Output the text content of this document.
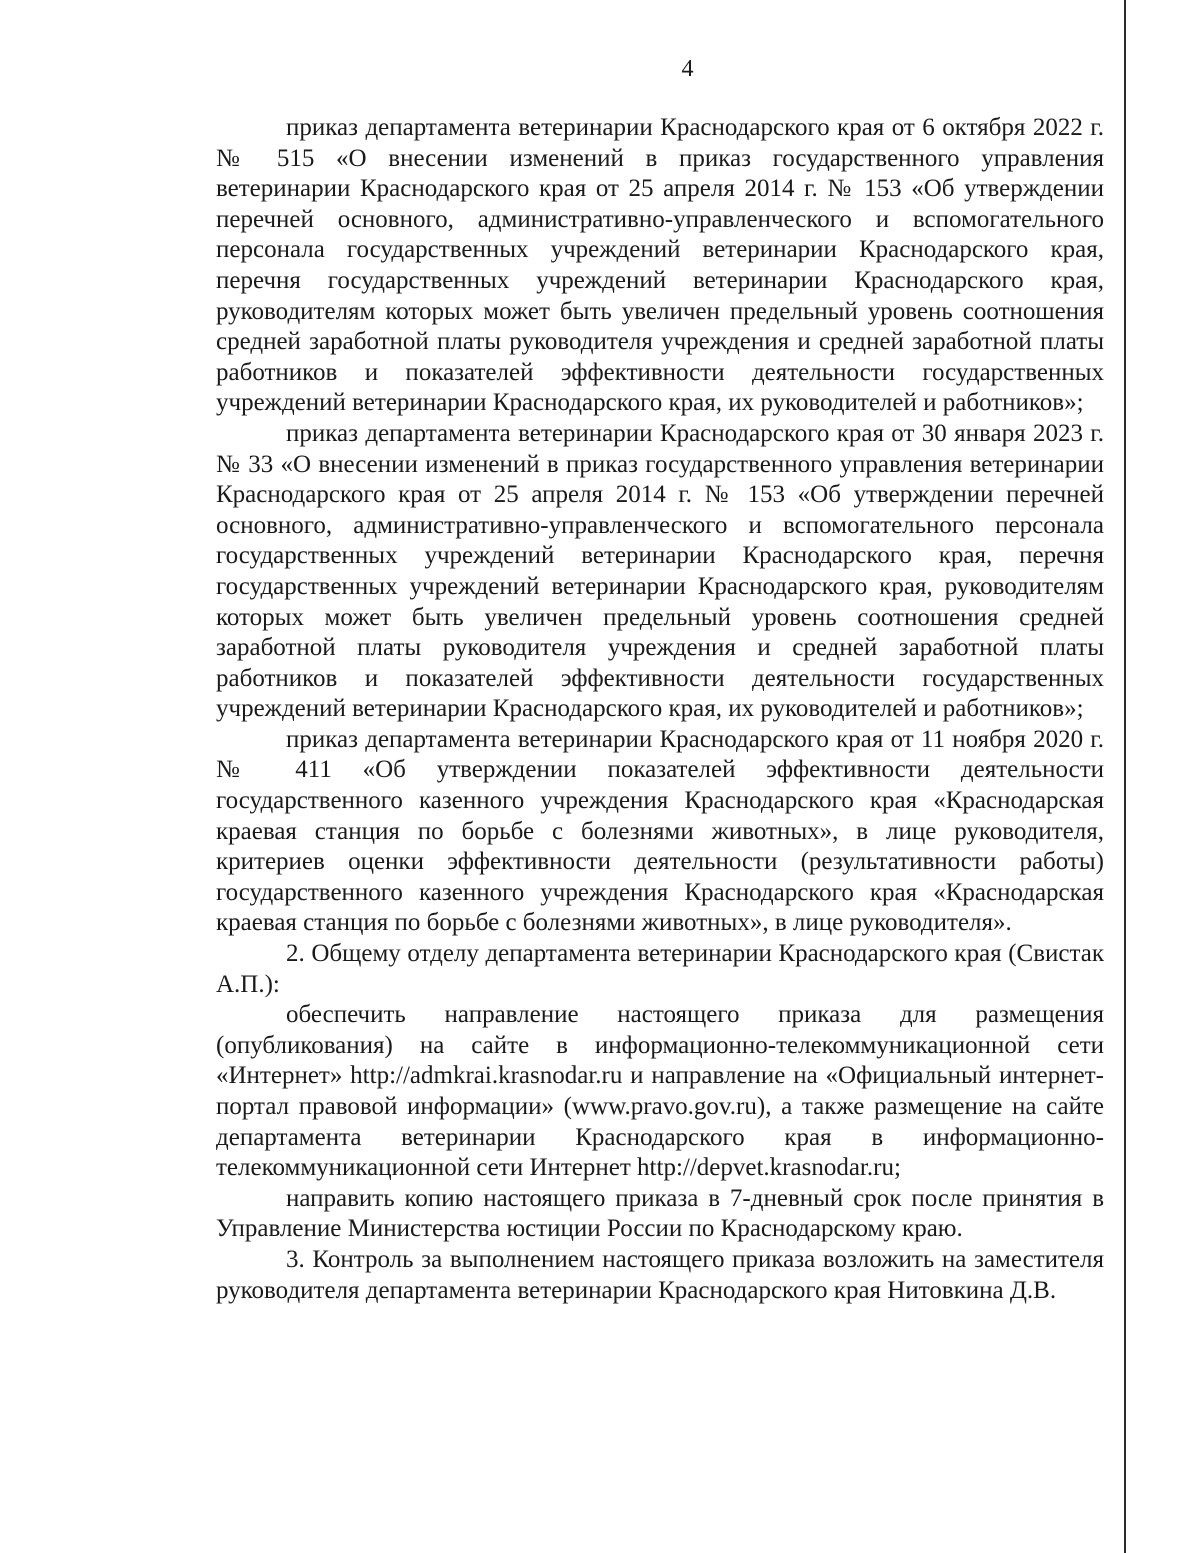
4

приказ департамента ветеринарии Краснодарского края от 6 октября 2022 г. № 515 «О внесении изменений в приказ государственного управления ветеринарии Краснодарского края от 25 апреля 2014 г. № 153 «Об утверждении перечней основного, административно-управленческого и вспомогательного персонала государственных учреждений ветеринарии Краснодарского края, перечня государственных учреждений ветеринарии Краснодарского края, руководителям которых может быть увеличен предельный уровень соотношения средней заработной платы руководителя учреждения и средней заработной платы работников и показателей эффективности деятельности государственных учреждений ветеринарии Краснодарского края, их руководителей и работников»;

приказ департамента ветеринарии Краснодарского края от 30 января 2023 г. № 33 «О внесении изменений в приказ государственного управления ветеринарии Краснодарского края от 25 апреля 2014 г. № 153 «Об утверждении перечней основного, административно-управленческого и вспомогательного персонала государственных учреждений ветеринарии Краснодарского края, перечня государственных учреждений ветеринарии Краснодарского края, руководителям которых может быть увеличен предельный уровень соотношения средней заработной платы руководителя учреждения и средней заработной платы работников и показателей эффективности деятельности государственных учреждений ветеринарии Краснодарского края, их руководителей и работников»;

приказ департамента ветеринарии Краснодарского края от 11 ноября 2020 г. № 411 «Об утверждении показателей эффективности деятельности государственного казенного учреждения Краснодарского края «Краснодарская краевая станция по борьбе с болезнями животных», в лице руководителя, критериев оценки эффективности деятельности (результативности работы) государственного казенного учреждения Краснодарского края «Краснодарская краевая станция по борьбе с болезнями животных», в лице руководителя».

2. Общему отделу департамента ветеринарии Краснодарского края (Свистак А.П.):

обеспечить направление настоящего приказа для размещения (опубликования) на сайте в информационно-телекоммуникационной сети «Интернет» http://admkrai.krasnodar.ru и направление на «Официальный интернет-портал правовой информации» (www.pravo.gov.ru), а также размещение на сайте департамента ветеринарии Краснодарского края в информационно-телекоммуникационной сети Интернет http://depvet.krasnodar.ru;

направить копию настоящего приказа в 7-дневный срок после принятия в Управление Министерства юстиции России по Краснодарскому краю.

3. Контроль за выполнением настоящего приказа возложить на заместителя руководителя департамента ветеринарии Краснодарского края Нитовкина Д.В.
